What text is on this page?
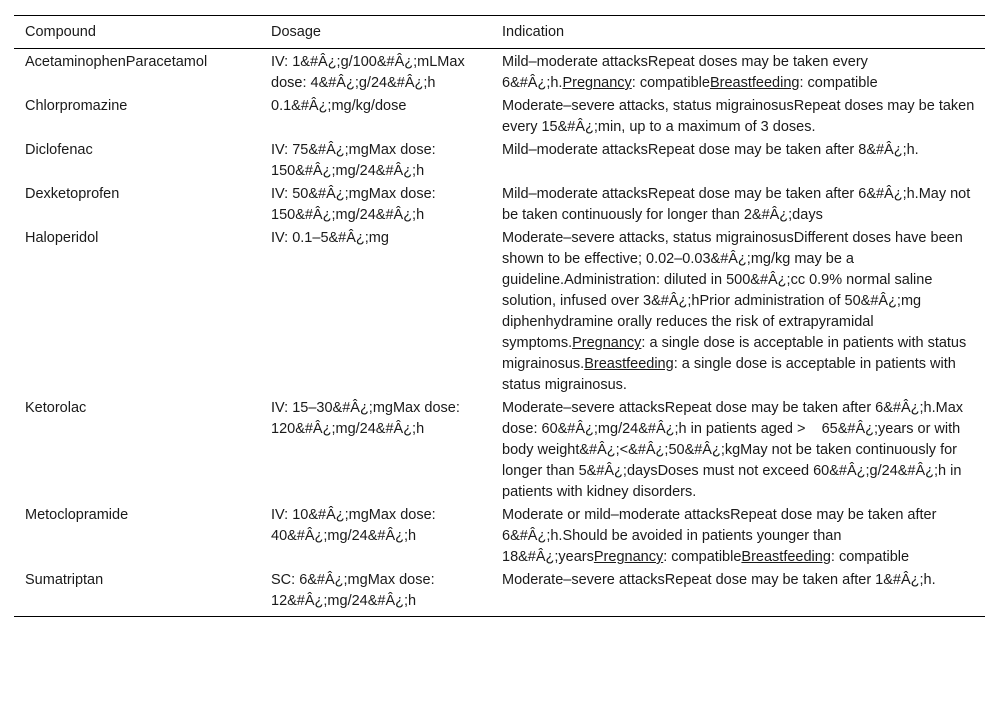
Compound	Dosage	Indication
AcetaminophenParacetamol	IV: 1&#Â¿;g/100&#Â¿;mLMax dose: 4&#Â¿;g/24&#Â¿;h	Mild–moderate attacksRepeat doses may be taken every 6&#Â¿;h.Pregnancy: compatibleBreastfeeding: compatible
Chlorpromazine	0.1&#Â¿;mg/kg/dose	Moderate–severe attacks, status migrainosusRepeat doses may be taken every 15&#Â¿;min, up to a maximum of 3 doses.
Diclofenac	IV: 75&#Â¿;mgMax dose: 150&#Â¿;mg/24&#Â¿;h	Mild–moderate attacksRepeat dose may be taken after 8&#Â¿;h.
Dexketoprofen	IV: 50&#Â¿;mgMax dose: 150&#Â¿;mg/24&#Â¿;h	Mild–moderate attacksRepeat dose may be taken after 6&#Â¿;h.May not be taken continuously for longer than 2&#Â¿;days
Haloperidol	IV: 0.1–5&#Â¿;mg	Moderate–severe attacks, status migrainosusDifferent doses have been shown to be effective; 0.02–0.03&#Â¿;mg/kg may be a guideline.Administration: diluted in 500&#Â¿;cc 0.9% normal saline solution, infused over 3&#Â¿;hPrior administration of 50&#Â¿;mg diphenhydramine orally reduces the risk of extrapyramidal symptoms.Pregnancy: a single dose is acceptable in patients with status migrainosus.Breastfeeding: a single dose is acceptable in patients with status migrainosus.
Ketorolac	IV: 15–30&#Â¿;mgMax dose: 120&#Â¿;mg/24&#Â¿;h	Moderate–severe attacksRepeat dose may be taken after 6&#Â¿;h.Max dose: 60&#Â¿;mg/24&#Â¿;h in patients aged >    65&#Â¿;years or with body weight&#Â¿;<&#Â¿;50&#Â¿;kgMay not be taken continuously for longer than 5&#Â¿;daysDoses must not exceed 60&#Â¿;g/24&#Â¿;h in patients with kidney disorders.
Metoclopramide	IV: 10&#Â¿;mgMax dose: 40&#Â¿;mg/24&#Â¿;h	Moderate or mild–moderate attacksRepeat dose may be taken after 6&#Â¿;h.Should be avoided in patients younger than 18&#Â¿;yearsPregnancy: compatibleBreastfeeding: compatible
Sumatriptan	SC: 6&#Â¿;mgMax dose: 12&#Â¿;mg/24&#Â¿;h	Moderate–severe attacksRepeat dose may be taken after 1&#Â¿;h.
